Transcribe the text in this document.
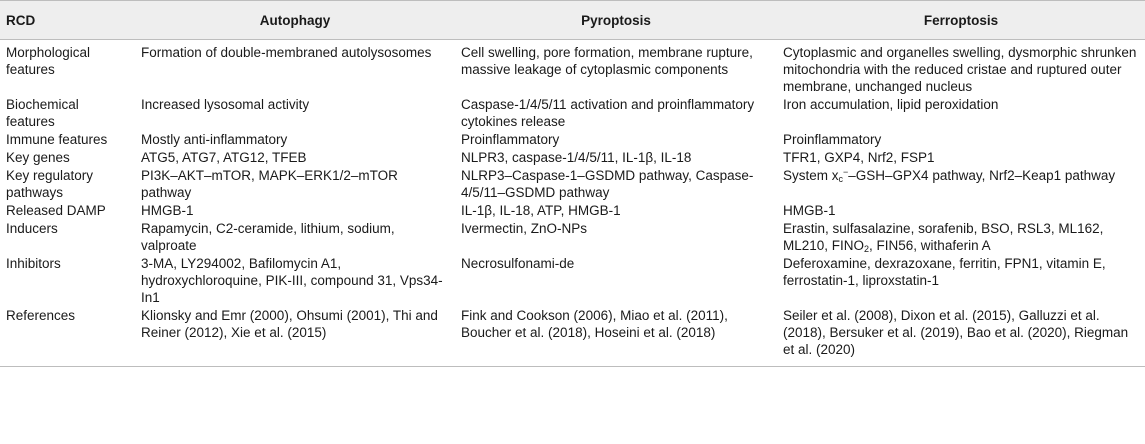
RCD	Autophagy	Pyroptosis	Ferroptosis
Morphological features	Formation of double-membraned autolysosomes	Cell swelling, pore formation, membrane rupture, massive leakage of cytoplasmic components	Cytoplasmic and organelles swelling, dysmorphic shrunken mitochondria with the reduced cristae and ruptured outer membrane, unchanged nucleus
Biochemical features	Increased lysosomal activity	Caspase-1/4/5/11 activation and proinflammatory cytokines release	Iron accumulation, lipid peroxidation
Immune features	Mostly anti-inflammatory	Proinflammatory	Proinflammatory
Key genes	ATG5, ATG7, ATG12, TFEB	NLPR3, caspase-1/4/5/11, IL-1β, IL-18	TFR1, GXP4, Nrf2, FSP1
Key regulatory pathways	PI3K–AKT–mTOR, MAPK–ERK1/2–mTOR pathway	NLRP3–Caspase-1–GSDMD pathway, Caspase-4/5/11–GSDMD pathway	System $x_c^--GSH-GPX4$ pathway, Nrf2–Keap1 pathway
Released DAMP	HMGB-1	IL-1β, IL-18, ATP, HMGB-1	HMGB-1
Inducers	Rapamycin, C2-ceramide, lithium, sodium, valproate	Ivermectin, ZnO-NPs	Erastin, sulfasalazine, sorafenib, BSO, RSL3, ML162, ML210, $FINO_2$, FIN56, withaferin A
Inhibitors	3-MA, LY294002, Bafilomycin A1, hydroxychloroquine, PIK-III, compound 31, Vps34-In1	Necrosulfonami-de	Deferoxamine, dexrazoxane, ferritin, FPN1, vitamin E, ferrostatin-1, liproxstatin-1
References	Klionsky and Emr (2000), Ohsumi (2001), Thi and Reiner (2012), Xie et al. (2015)	Fink and Cookson (2006), Miao et al. (2011), Boucher et al. (2018), Hoseini et al. (2018)	Seiler et al. (2008), Dixon et al. (2015), Galluzzi et al. (2018), Bersuker et al. (2019), Bao et al. (2020), Riegman et al. (2020)
